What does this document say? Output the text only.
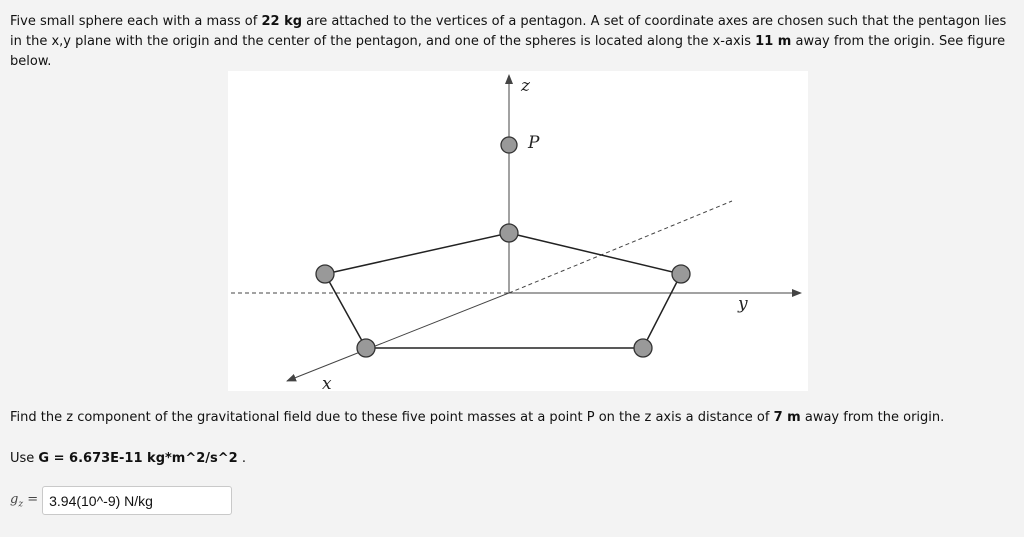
Five small sphere each with a mass of 22 kg are attached to the vertices of a pentagon. A set of coordinate axes are chosen such that the pentagon lies in the x,y plane with the origin and the center of the pentagon, and one of the spheres is located along the x-axis 11 m away from the origin. See figure below.
z
P
y
x
Find the z component of the gravitational field due to these five point masses at a point P on the z axis a distance of 7 m away from the origin.
Use G = 6.673E-11 kg*m^2/s^2 .
$g_z$ =
3.94(10^-9) N/kg
